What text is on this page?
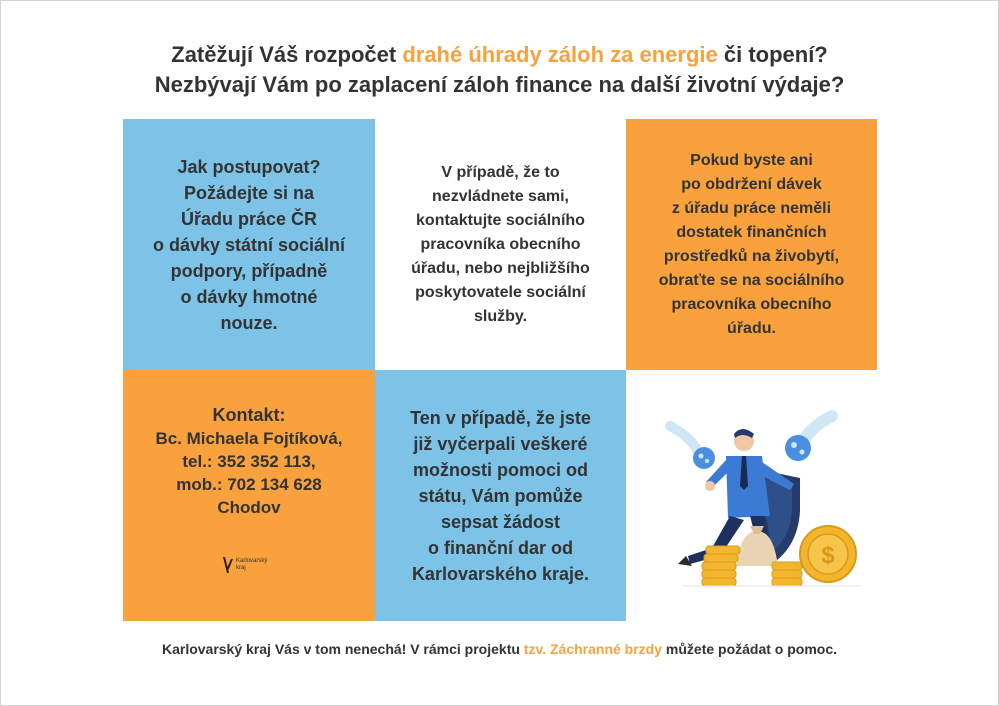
Zatěžují Váš rozpočet drahé úhrady záloh za energie či topení?
Nezbývají Vám po zaplacení záloh finance na další životní výdaje?
Jak postupovat?
Požádejte si na
Úřadu práce ČR
o dávky státní sociální
podpory, případně
o dávky hmotné
nouze.
V případě, že to
nezvládnete sami,
kontaktujte sociálního
pracovníka obecního
úřadu, nebo nejbližšího
poskytovatele sociální
služby.
Pokud byste ani
po obdržení dávek
z úřadu práce neměli
dostatek finančních
prostředků na živobytí,
obraťte se na sociálního
pracovníka obecního
úřadu.
Kontakt:
Bc. Michaela Fojtíková,
tel.: 352 352 113,
mob.: 702 134 628
Chodov
Karlovarský
kraj
Ten v případě, že jste
již vyčerpali veškeré
možnosti pomoci od
státu, Vám pomůže
sepsat žádost
o finanční dar od
Karlovarského kraje.
$
Karlovarský kraj Vás v tom nenechá! V rámci projektu tzv. Záchranné brzdy můžete požádat o pomoc.
